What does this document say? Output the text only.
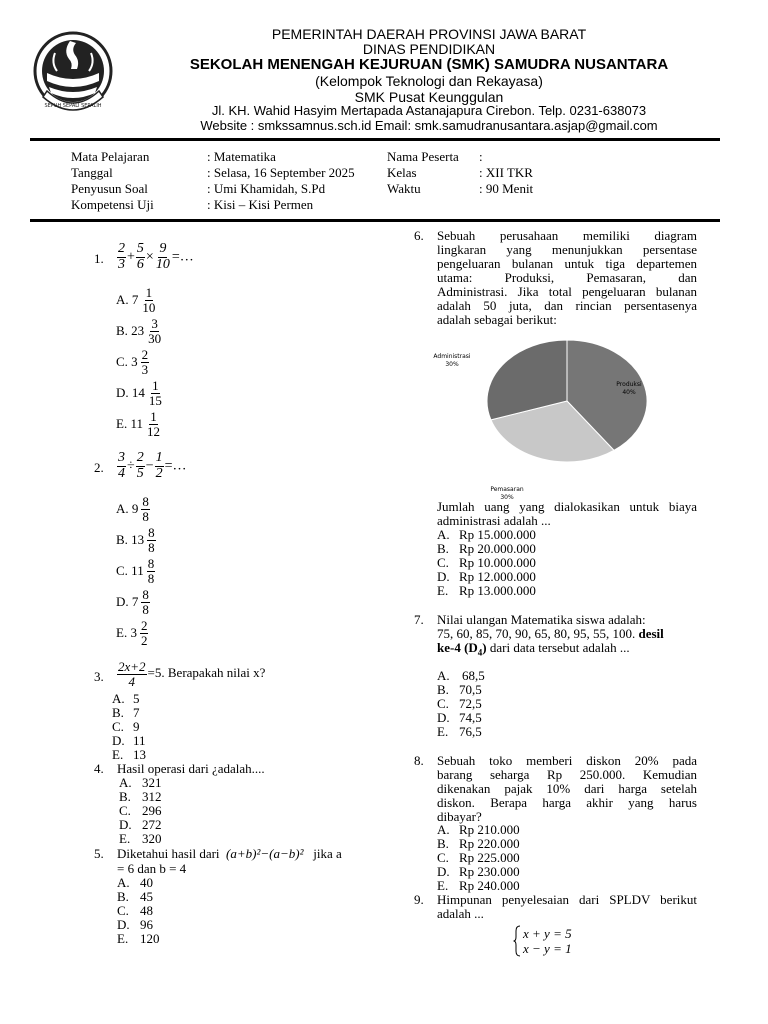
SEPUH SEPALI SEPALIH
PEMERINTAH DAERAH PROVINSI JAWA BARAT
DINAS PENDIDIKAN
SEKOLAH MENENGAH KEJURUAN (SMK) SAMUDRA NUSANTARA
(Kelompok Teknologi dan Rekayasa)
SMK Pusat Keunggulan
Jl. KH. Wahid Hasyim Mertapada Astanajapura Cirebon. Telp. 0231-638073
Website : smkssamnus.sch.id Email: smk.samudranusantara.asjap@gmail.com
Mata Pelajaran	: Matematika
Tanggal	: Selasa, 16 September 2025
Penyusun Soal	: Umi Khamidah, S.Pd
Kompetensi Uji	: Kisi – Kisi Permen
Nama Peserta :
Kelas	: XII TKR
Waktu	: 90 Menit
1. $\frac{2}{3} + \frac{5}{6} \times \frac{9}{10}$ =…
A.
$7 \frac{1}{10}$
B.
$23 \frac{3}{30}$
C.
$3 \frac{2}{3}$
D.
$14 \frac{1}{15}$
E.
$11 \frac{1}{12}$
2. $\frac{3}{4} \div \frac{2}{5} - \frac{1}{2}$ =…
A.
$9 \frac{8}{8}$
B.
$13 \frac{8}{8}$
C.
$11 \frac{8}{8}$
D.
$7 \frac{8}{8}$
E.
$3 \frac{2}{2}$
3. $\frac{2x+2}{4} =5$. Berapakah nilai x?
A. 5
B. 7
C. 9
D. 11
E. 13
4. Hasil operasi dari ¿adalah....
A. 321
B. 312
C. 296
D. 272
E. 320
5. Diketahui hasil dari (a+b)²−(a−b)² jika a
= 6 dan b = 4
A. 40
B. 45
C. 48
D. 96
E. 120
6. Sebuah perusahaan memiliki diagram
lingkaran yang menunjukkan persentase
pengeluaran bulanan untuk tiga departemen
utama: Produksi, Pemasaran, dan
Administrasi. Jika total pengeluaran bulanan
adalah 50 juta, dan rincian persentasenya
adalah sebagai berikut:
Administrasi
30%
Produksi
40%
Pemasaran
30%
Jumlah uang yang dialokasikan untuk biaya
administrasi adalah ...
A. Rp 15.000.000
B. Rp 20.000.000
C. Rp 10.000.000
D. Rp 12.000.000
E. Rp 13.000.000
7. Nilai ulangan Matematika siswa adalah:
75, 60, 85, 70, 90, 65, 80, 95, 55, 100. desil
ke-4 $(D_4)$ dari data tersebut adalah ...
A. 68,5
B. 70,5
C. 72,5
D. 74,5
E. 76,5
8. Sebuah toko memberi diskon 20% pada
barang seharga Rp 250.000. Kemudian
dikenakan pajak 10% dari harga setelah
diskon. Berapa harga akhir yang harus
dibayar?
A. Rp 210.000
B. Rp 220.000
C. Rp 225.000
D. Rp 230.000
E. Rp 240.000
9. Himpunan penyelesaian dari SPLDV berikut
adalah ...
x + y = 5
x − y = 1
